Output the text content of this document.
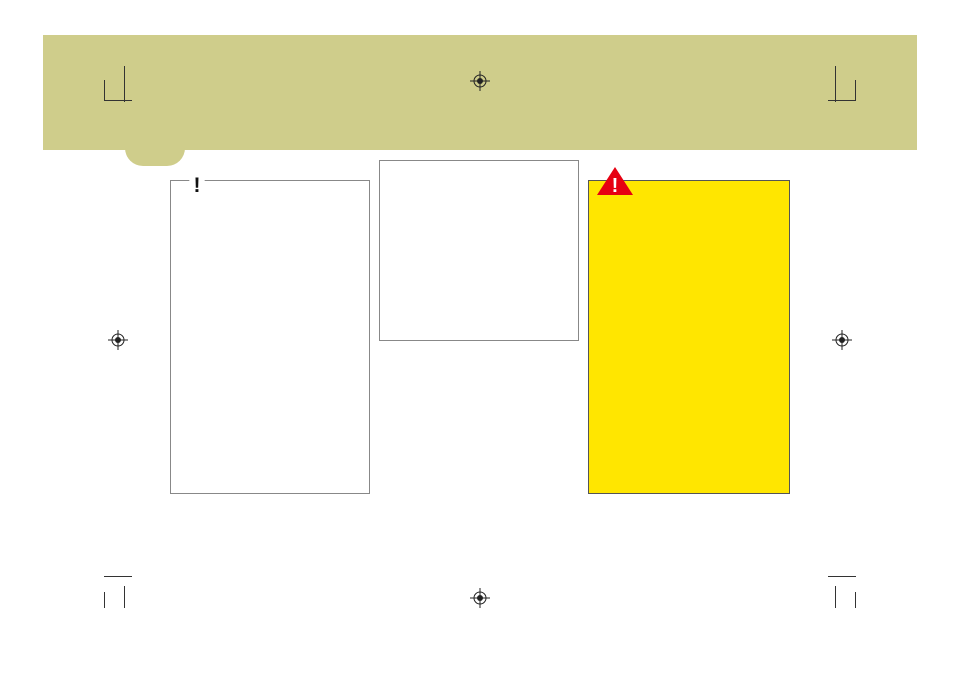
!	!
